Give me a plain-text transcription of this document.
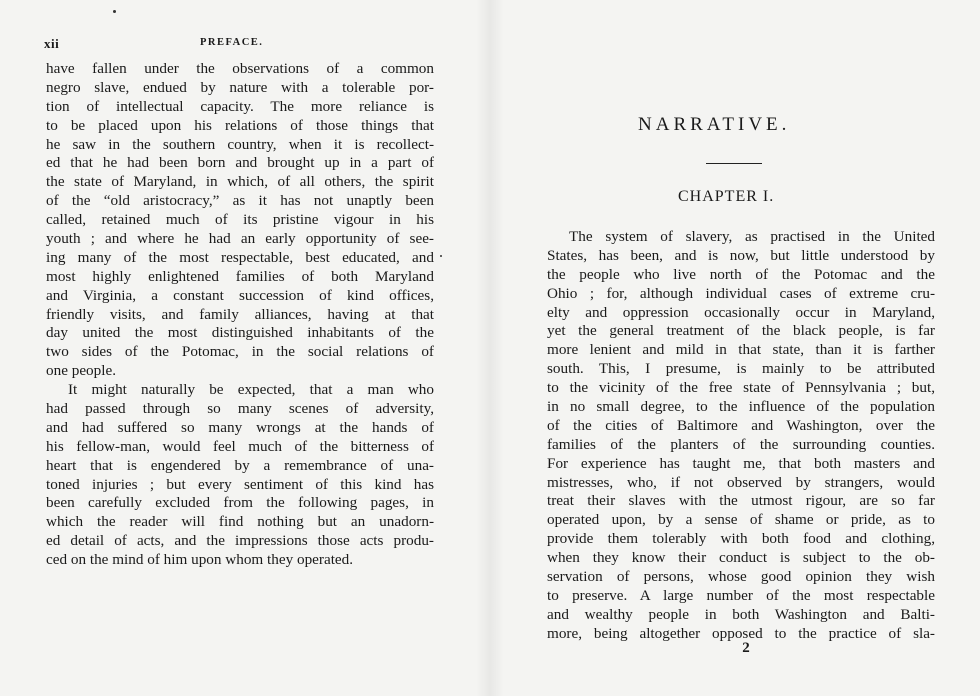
xii	PREFACE.
have fallen under the observations of a common
negro slave, endued by nature with a tolerable por-
tion of intellectual capacity. The more reliance is
to be placed upon his relations of those things that
he saw in the southern country, when it is recollect-
ed that he had been born and brought up in a part of
the state of Maryland, in which, of all others, the spirit
of the “old aristocracy,” as it has not unaptly been
called, retained much of its pristine vigour in his
youth ; and where he had an early opportunity of see-
ing many of the most respectable, best educated, and
most highly enlightened families of both Maryland
and Virginia, a constant succession of kind offices,
friendly visits, and family alliances, having at that
day united the most distinguished inhabitants of the
two sides of the Potomac, in the social relations of
one people.
It might naturally be expected, that a man who
had passed through so many scenes of adversity,
and had suffered so many wrongs at the hands of
his fellow-man, would feel much of the bitterness of
heart that is engendered by a remembrance of una-
toned injuries ; but every sentiment of this kind has
been carefully excluded from the following pages, in
which the reader will find nothing but an unadorn-
ed detail of acts, and the impressions those acts produ-
ced on the mind of him upon whom they operated.
NARRATIVE.
CHAPTER I.
The system of slavery, as practised in the United
States, has been, and is now, but little understood by
the people who live north of the Potomac and the
Ohio ; for, although individual cases of extreme cru-
elty and oppression occasionally occur in Maryland,
yet the general treatment of the black people, is far
more lenient and mild in that state, than it is farther
south. This, I presume, is mainly to be attributed
to the vicinity of the free state of Pennsylvania ; but,
in no small degree, to the influence of the population
of the cities of Baltimore and Washington, over the
families of the planters of the surrounding counties.
For experience has taught me, that both masters and
mistresses, who, if not observed by strangers, would
treat their slaves with the utmost rigour, are so far
operated upon, by a sense of shame or pride, as to
provide them tolerably with both food and clothing,
when they know their conduct is subject to the ob-
servation of persons, whose good opinion they wish
to preserve. A large number of the most respectable
and wealthy people in both Washington and Balti-
more, being altogether opposed to the practice of sla-
2
